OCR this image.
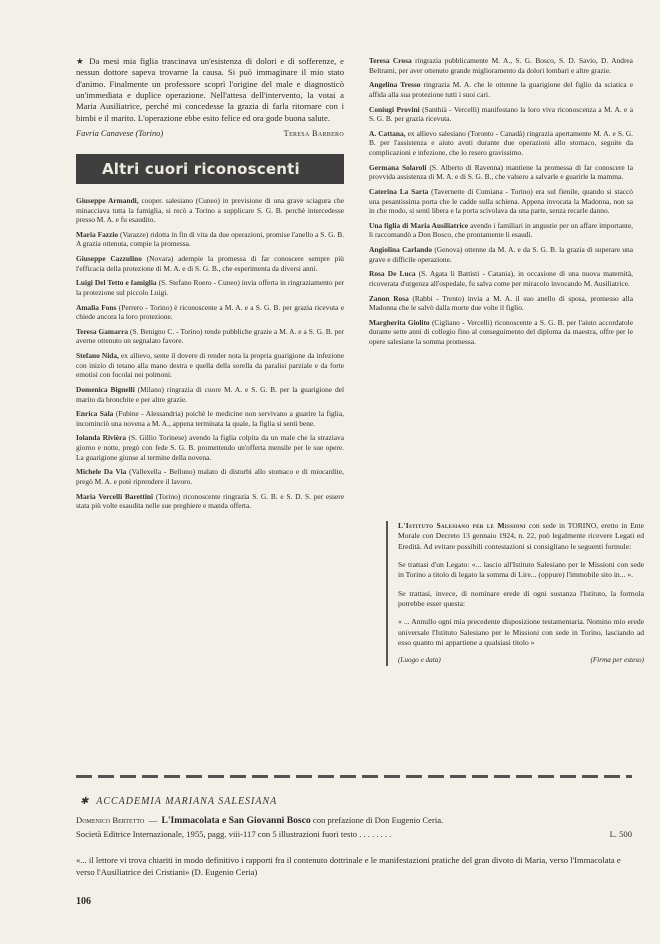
★ Da mesi mia figlia trascinava un'esistenza di dolori e di sofferenze, e nessun dottore sapeva trovarne la causa. Si può immaginare il mio stato d'animo. Finalmente un professore scoprì l'origine del male e diagnosticò un'immediata e duplice operazione. Nell'attesa dell'intervento, la votai a Maria Ausiliatrice, perché mi concedesse la grazia di farla ritornare con i bimbi e il marito. L'operazione ebbe esito felice ed ora gode buona salute.

Favria Canavese (Torino)	Teresa Barbero
Altri cuori riconoscenti

Giuseppe Armandi, cooper. salesiano (Cuneo) in previsione di una grave sciagura che minacciava tutta la famiglia, si recò a Torino a supplicare S. G. B. perchè intercedesse presso M. A. e fu esaudito.

Maria Fazzio (Varazze) ridotta in fin di vita da due operazioni, promise l'anello a S. G. B. A grazia ottenuta, compie la promessa.

Giuseppe Cazzulino (Novara) adempie la promessa di far conoscere sempre più l'efficacia della protezione di M. A. e di S. G. B., che esperimenta da diversi anni.

Luigi Del Tetto e famiglia (S. Stefano Roero - Cuneo) invia offerta in ringraziamento per la protezione sul piccolo Luigi.

Amalia Fons (Perrero - Torino) è riconoscente a M. A. e a S. G. B. per grazia ricevuta e chiede ancora la loro protezione.

Teresa Gamarra (S. Benigno C. - Torino) rende pubbliche grazie a M. A. e a S. G. B. per averne ottenuto un segnalato favore.

Stefano Nida, ex allievo, sente il dovere di render nota la propria guarigione da infezione con inizio di tetano alla mano destra e quella della sorella da paralisi parziale e da forte emotisi con focolai nei polmoni.

Domenica Bignelli (Milano) ringrazia di cuore M. A. e S. G. B. per la guarigione del marito da bronchite e per altre grazie.

Enrica Sala (Fubine - Alessandria) poichè le medicine non servivano a guarire la figlia, incominciò una novena a M. A., appena terminata la quale, la figlia si sentì bene.

Iolanda Rivièra (S. Gillio Torinese) avendo la figlia colpita da un male che la straziava giorno e notte, pregò con fede S. G. B. promettendo un'offerta mensile per le sue opere. La guarigione giunse al termine della novena.

Michele Da Via (Vallexella - Belluno) malato di disturbi allo stomaco e di miocardite, pregò M. A. e potè riprendere il lavoro.

Maria Vercelli Barettini (Torino) riconoscente ringrazia S. G. B. e S. D. S. per essere stata più volte esaudita nelle sue preghiere e manda offerta.

Teresa Crosa ringrazia pubblicamente M. A., S. G. Bosco, S. D. Savio, D. Andrea Beltrami, per aver ottenuto grande miglioramento da dolori lombari e altre grazie.

Angelina Tresso ringrazia M. A. che le ottenne la guarigione del figlio da sciatica e affida alla sua protezione tutti i suoi cari.

Coniugi Provini (Santhià - Vercelli) manifestano la loro viva riconoscenza a M. A. e a S. G. B. per grazia ricevuta.

A. Cattana, ex allievo salesiano (Toronto - Canadà) ringrazia apertamente M. A. e S. G. B. per l'assistenza e aiuto avuti durante due operazioni allo stomaco, seguite da complicazioni e infezione, che lo resero gravissimo.

Germana Solaroli (S. Alberto di Ravenna) mantiene la promessa di far conoscere la provvida assistenza di M. A. e di S. G. B., che valsero a salvarle e guarirle la mamma.

Caterina La Sarta (Tavernette di Cumiana - Torino) era sul fienile, quando si staccò una pesantissima porta che le cadde sulla schiena. Appena invocata la Madonna, non sa in che modo, si sentì libera e la porta scivolava da una parte, senza recarle danno.

Una figlia di Maria Ausiliatrice avendo i familiari in angustie per un affare importante, li raccomandò a Don Bosco, che prontamente li esaudì.

Angiolina Carlando (Genova) ottenne da M. A. e da S. G. B. la grazia di superare una grave e difficile operazione.

Rosa De Luca (S. Agata li Battisti - Catania), in occasione di una nuova maternità, ricoverata d'urgenza all'ospedale, fu salva come per miracolo invocando M. Ausiliatrice.

Zanon Rosa (Rabbi - Trento) invia a M. A. il suo anello di sposa, promesso alla Madonna che le salvò dalla morte due volte il figlio.

Margherita Giolito (Cigliano - Vercelli) riconoscente a S. G. B. per l'aiuto accordatole durante sette anni di collegio fino al conseguimento del diploma da maestra, offre per le opere salesiane la somma promessa.

L'Istituto Salesiano per le Missioni con sede in TORINO, eretto in Ente Morale con Decreto 13 gennaio 1924, n. 22, può legalmente ricevere Legati ed Eredità. Ad evitare possibili contestazioni si consigliano le seguenti formule:

Se trattasi d'un Legato: «... lascio all'Istituto Salesiano per le Missioni con sede in Torino a titolo di legato la somma di Lire... (oppure) l'immobile sito in... ».

Se trattasi, invece, di nominare erede di ogni sostanza l'Istituto, la formola potrebbe esser questa:

« ... Annullo ogni mia precedente disposizione testamentaria. Nomino mio erede universale l'Istituto Salesiano per le Missioni con sede in Torino, lasciando ad esso quanto mi appartiene a qualsiasi titolo »

(Luogo e data)	(Firma per esteso)
✱ ACCADEMIA MARIANA SALESIANA
Domenico Bertetto  —  L'Immacolata e San Giovanni Bosco con prefazione di Don Eugenio Ceria.
Società Editrice Internazionale, 1955, pagg. viii-117 con 5 illustrazioni fuori testo . . . . . . . .	L. 500
«... il lettore vi trova chiariti in modo definitivo i rapporti fra il contenuto dottrinale e le manifestazioni pratiche del gran divoto di Maria, verso l'Immacolata e verso l'Ausiliatrice dei Cristiani» (D. Eugenio Ceria)
106
